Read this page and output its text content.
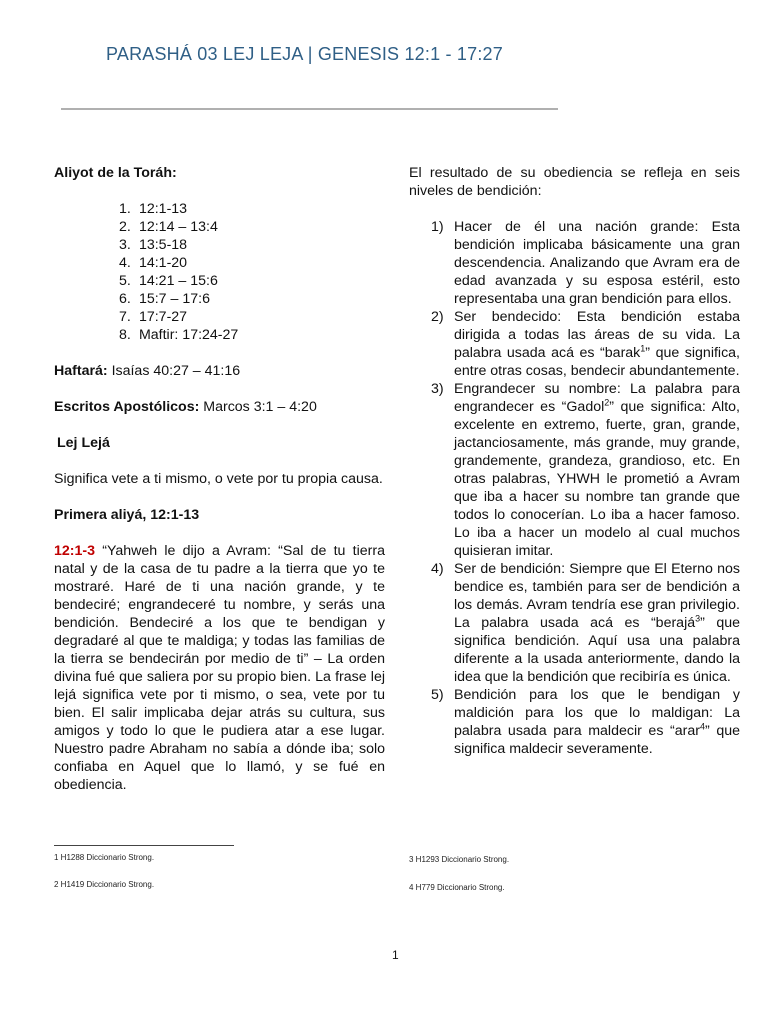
PARASHÁ 03 LEJ LEJA | GENESIS 12:1 - 17:27

Aliyot de la Toráh:

1. 12:1-13
2. 12:14 – 13:4
3. 13:5-18
4. 14:1-20
5. 14:21 – 15:6
6. 15:7 – 17:6
7. 17:7-27
8. Maftir: 17:24-27

Haftará: Isaías 40:27 – 41:16

Escritos Apostólicos: Marcos 3:1 – 4:20

Lej Lejá

Significa vete a ti mismo, o vete por tu propia causa.

Primera aliyá, 12:1-13

12:1-3 “Yahweh le dijo a Avram: “Sal de tu tierra natal y de la casa de tu padre a la tierra que yo te mostraré. Haré de ti una nación grande, y te bendeciré; engrandeceré tu nombre, y serás una bendición. Bendeciré a los que te bendigan y degradaré al que te maldiga; y todas las familias de la tierra se bendecirán por medio de ti” – La orden divina fué que saliera por su propio bien. La frase lej lejá significa vete por ti mismo, o sea, vete por tu bien. El salir implicaba dejar atrás su cultura, sus amigos y todo lo que le pudiera atar a ese lugar. Nuestro padre Abraham no sabía a dónde iba; solo confiaba en Aquel que lo llamó, y se fué en obediencia.

El resultado de su obediencia se refleja en seis niveles de bendición:

1) Hacer de él una nación grande: Esta bendición implicaba básicamente una gran descendencia. Analizando que Avram era de edad avanzada y su esposa estéril, esto representaba una gran bendición para ellos.
2) Ser bendecido: Esta bendición estaba dirigida a todas las áreas de su vida. La palabra usada acá es “barak$^1$” que significa, entre otras cosas, bendecir abundantemente.
3) Engrandecer su nombre: La palabra para engrandecer es “Gadol$^2$” que significa: Alto, excelente en extremo, fuerte, gran, grande, jactanciosamente, más grande, muy grande, grandemente, grandeza, grandioso, etc. En otras palabras, YHWH le prometió a Avram que iba a hacer su nombre tan grande que todos lo conocerían. Lo iba a hacer famoso. Lo iba a hacer un modelo al cual muchos quisieran imitar.
4) Ser de bendición: Siempre que El Eterno nos bendice es, también para ser de bendición a los demás. Avram tendría ese gran privilegio. La palabra usada acá es “berajá$^3$” que significa bendición. Aquí usa una palabra diferente a la usada anteriormente, dando la idea que la bendición que recibiría es única.
5) Bendición para los que le bendigan y maldición para los que lo maldigan: La palabra usada para maldecir es “arar$^4$” que significa maldecir severamente.
1 H1288 Diccionario Strong.
2 H1419 Diccionario Strong.
3 H1293 Diccionario Strong.
4 H779 Diccionario Strong.
1
